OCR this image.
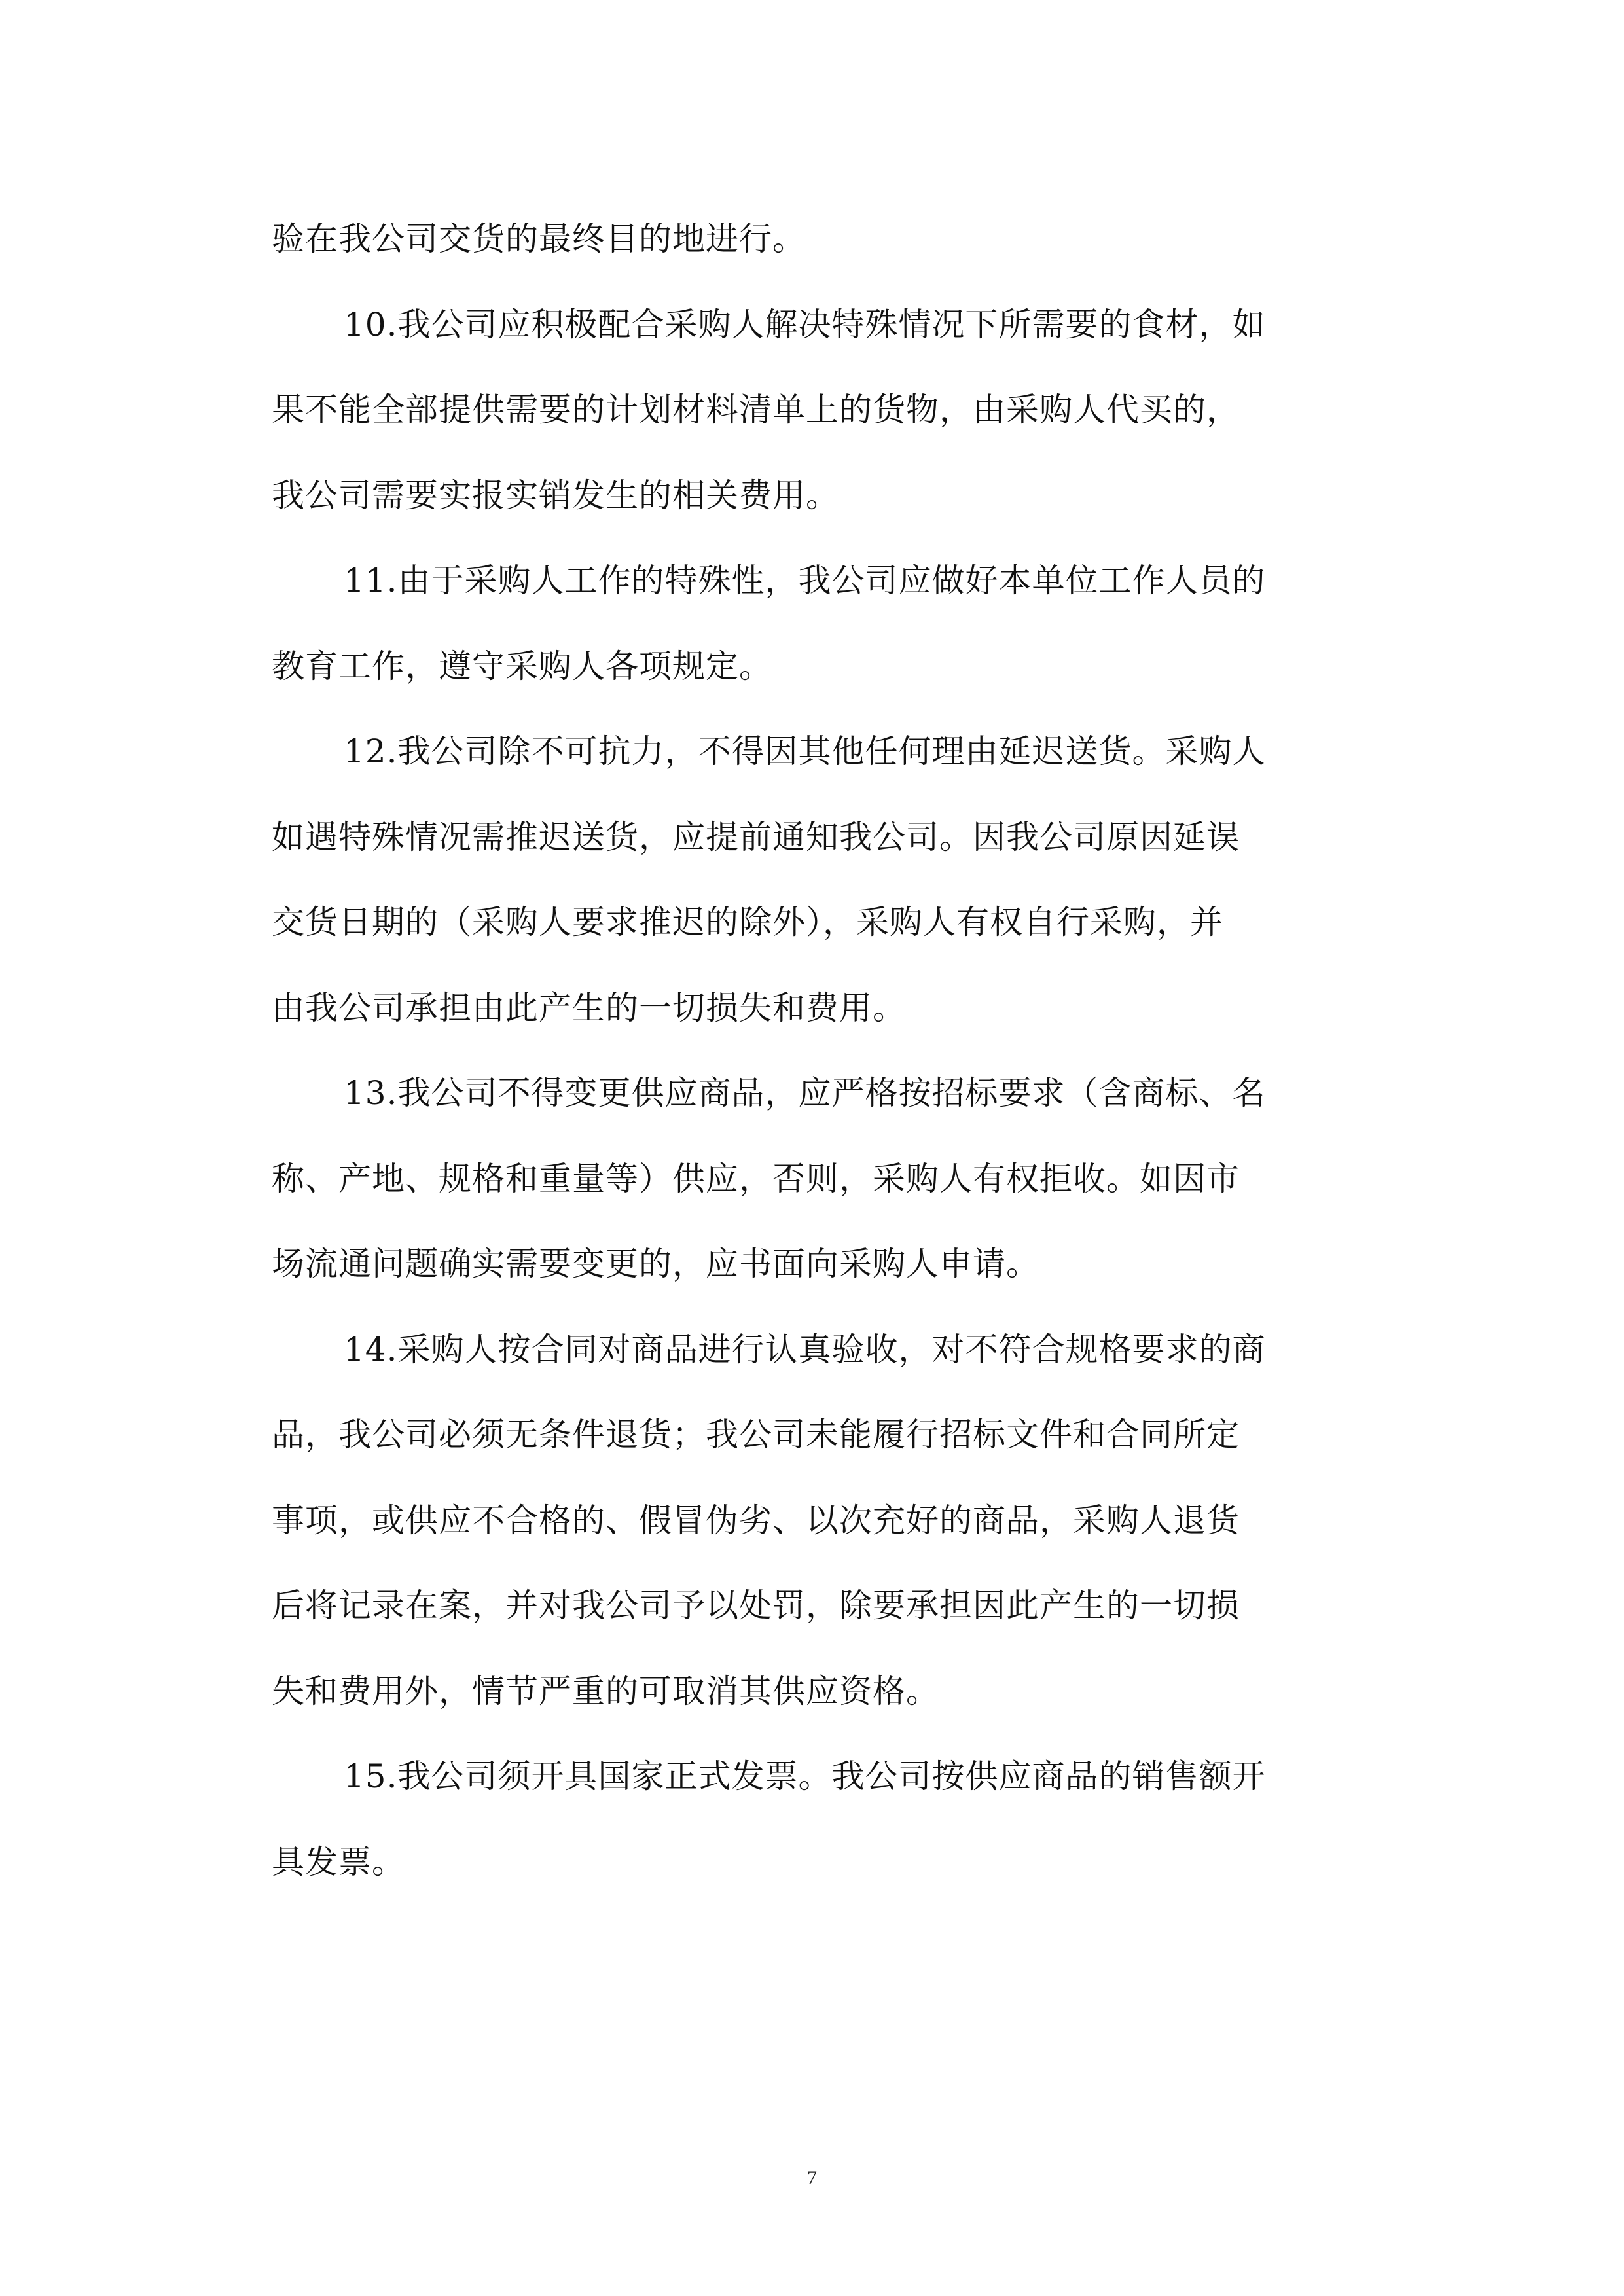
验在我公司交货的最终目的地进行。
10.我公司应积极配合采购人解决特殊情况下所需要的食材，如
果不能全部提供需要的计划材料清单上的货物，由采购人代买的，
我公司需要实报实销发生的相关费用。
11.由于采购人工作的特殊性，我公司应做好本单位工作人员的
教育工作，遵守采购人各项规定。
12.我公司除不可抗力，不得因其他任何理由延迟送货。采购人
如遇特殊情况需推迟送货，应提前通知我公司。因我公司原因延误
交货日期的（采购人要求推迟的除外），采购人有权自行采购，并
由我公司承担由此产生的一切损失和费用。
13.我公司不得变更供应商品，应严格按招标要求（含商标、名
称、产地、规格和重量等）供应，否则，采购人有权拒收。如因市
场流通问题确实需要变更的，应书面向采购人申请。
14.采购人按合同对商品进行认真验收，对不符合规格要求的商
品，我公司必须无条件退货；我公司未能履行招标文件和合同所定
事项，或供应不合格的、假冒伪劣、以次充好的商品，采购人退货
后将记录在案，并对我公司予以处罚，除要承担因此产生的一切损
失和费用外，情节严重的可取消其供应资格。
15.我公司须开具国家正式发票。我公司按供应商品的销售额开
具发票。
7
